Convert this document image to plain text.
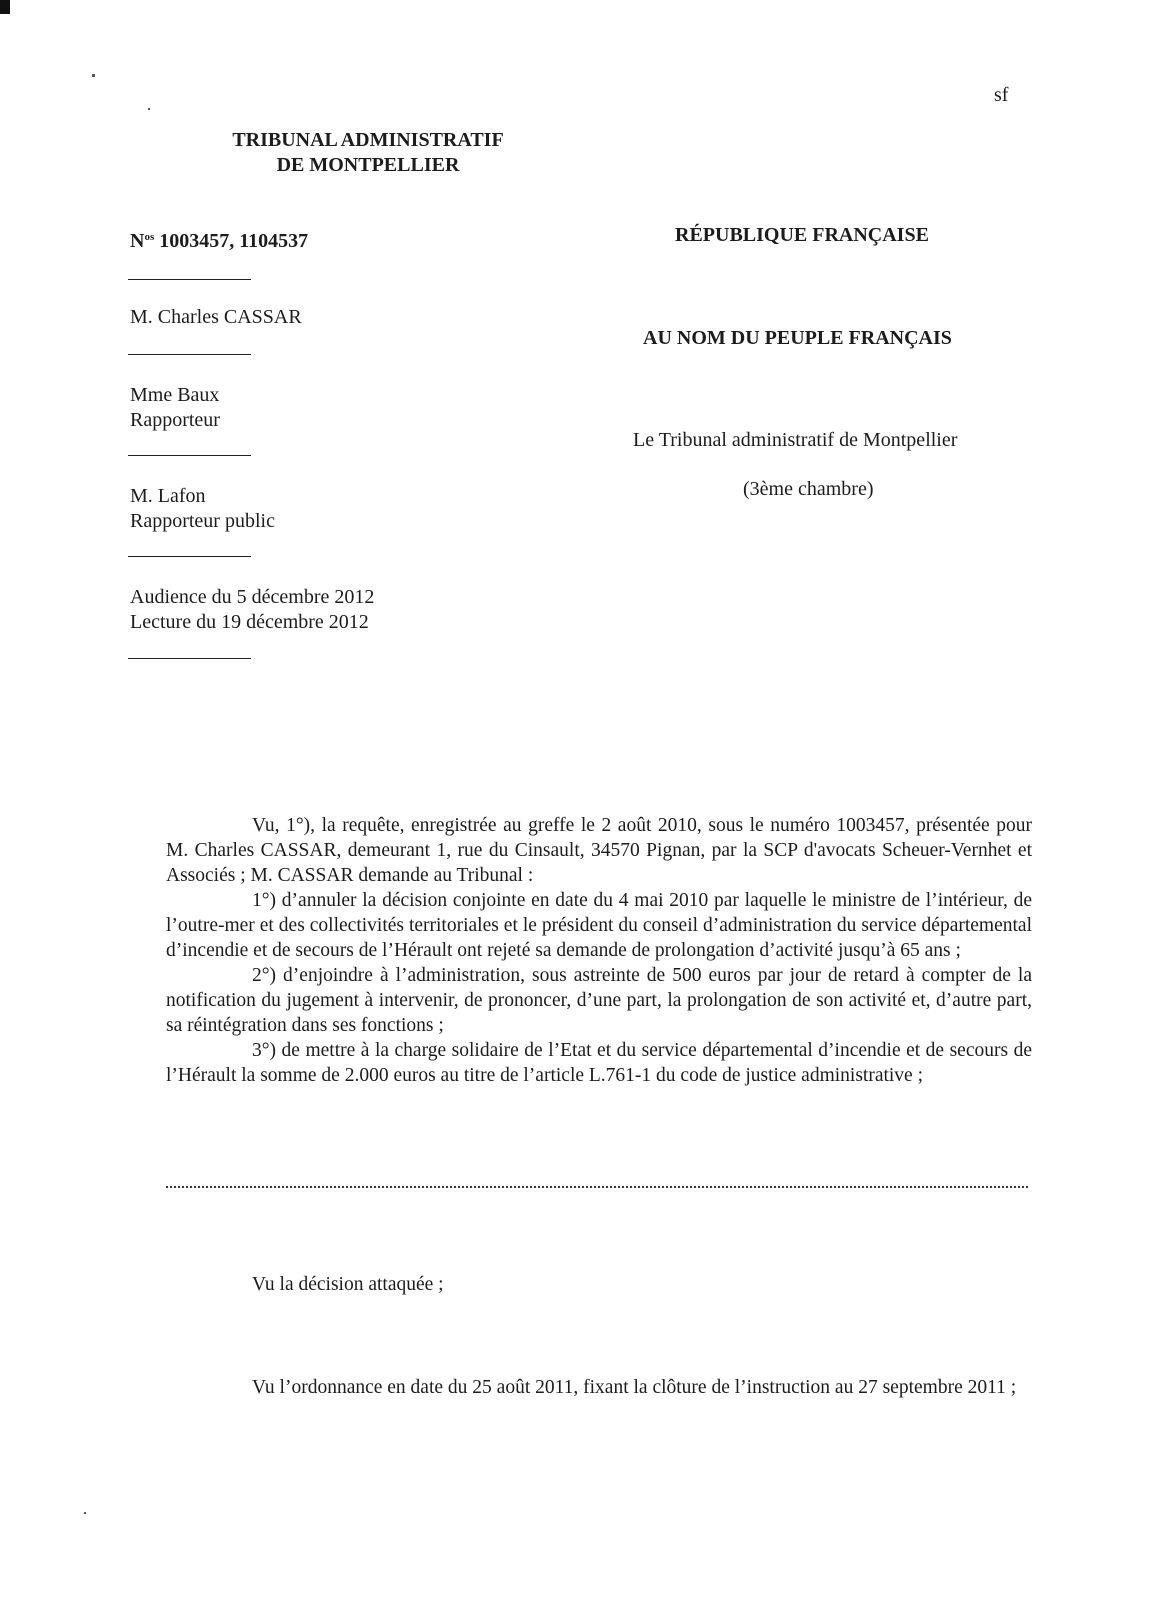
sf
TRIBUNAL ADMINISTRATIF
DE MONTPELLIER
$N^{os}$ 1003457, 1104537	RÉPUBLIQUE FRANÇAISE
M. Charles CASSAR
AU NOM DU PEUPLE FRANÇAIS
Mme Baux
Rapporteur
Le Tribunal administratif de Montpellier
(3ème chambre)
M. Lafon
Rapporteur public
Audience du 5 décembre 2012
Lecture du 19 décembre 2012

Vu, 1°), la requête, enregistrée au greffe le 2 août 2010, sous le numéro 1003457, présentée pour M. Charles CASSAR, demeurant 1, rue du Cinsault, 34570 Pignan, par la SCP d'avocats Scheuer-Vernhet et Associés ; M. CASSAR demande au Tribunal :

1°) d’annuler la décision conjointe en date du 4 mai 2010 par laquelle le ministre de l’intérieur, de l’outre-mer et des collectivités territoriales et le président du conseil d’administration du service départemental d’incendie et de secours de l’Hérault ont rejeté sa demande de prolongation d’activité jusqu’à 65 ans ;

2°) d’enjoindre à l’administration, sous astreinte de 500 euros par jour de retard à compter de la notification du jugement à intervenir, de prononcer, d’une part, la prolongation de son activité et, d’autre part, sa réintégration dans ses fonctions ;

3°) de mettre à la charge solidaire de l’Etat et du service départemental d’incendie et de secours de l’Hérault la somme de 2.000 euros au titre de l’article L.761-1 du code de justice administrative ;

Vu la décision attaquée ;

Vu l’ordonnance en date du 25 août 2011, fixant la clôture de l’instruction au 27 septembre 2011 ;
